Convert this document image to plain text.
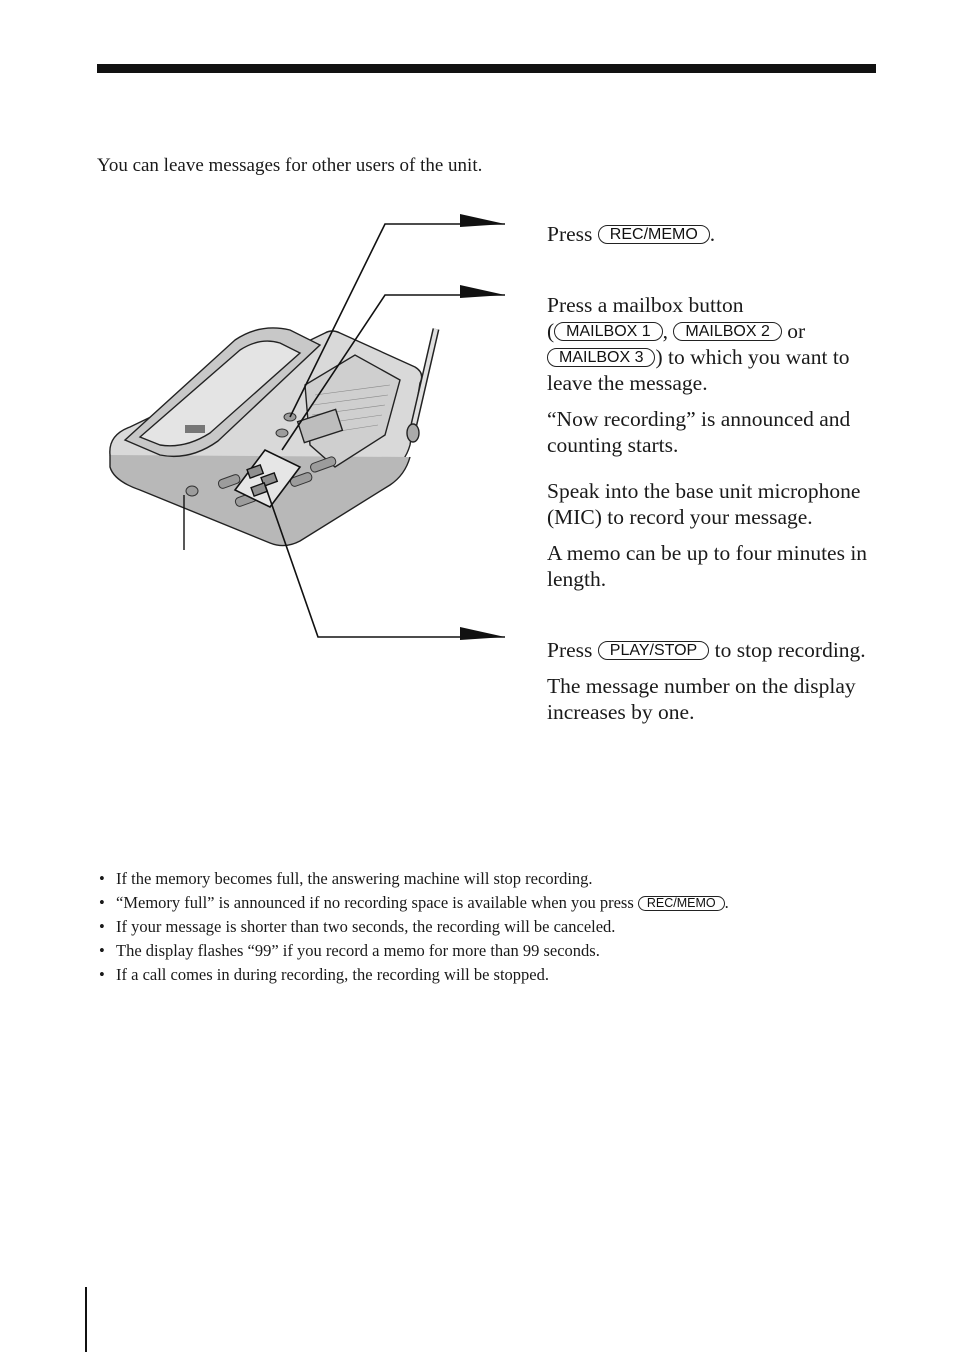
You can leave messages for other users of the unit.

Press REC/MEMO .

Press a mailbox button
( MAILBOX 1 , MAILBOX 2 or
MAILBOX 3 ) to which you want to leave the message.

“Now recording” is announced and counting starts.

Speak into the base unit microphone (MIC) to record your message.

A memo can be up to four minutes in length.

Press PLAY/STOP to stop recording.

The message number on the display increases by one.

• If the memory becomes full, the answering machine will stop recording.
• “Memory full” is announced if no recording space is available when you press REC/MEMO .
• If your message is shorter than two seconds, the recording will be canceled.
• The display flashes “99” if you record a memo for more than 99 seconds.
• If a call comes in during recording, the recording will be stopped.
